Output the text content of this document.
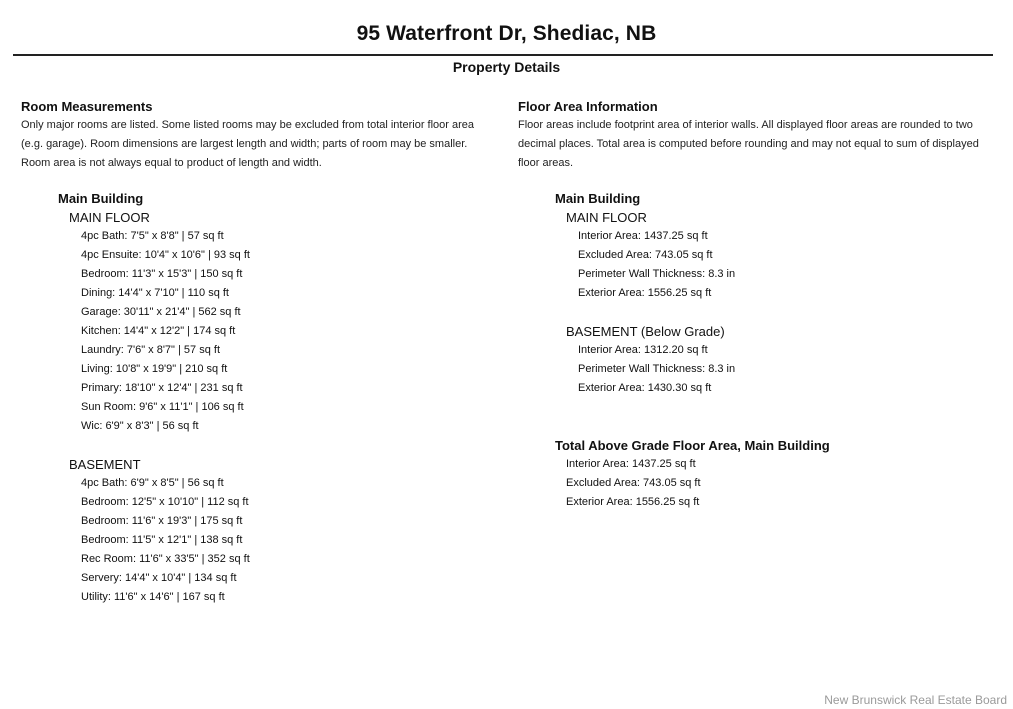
95 Waterfront Dr, Shediac, NB
Property Details
Room Measurements
Only major rooms are listed. Some listed rooms may be excluded from total interior floor area (e.g. garage). Room dimensions are largest length and width; parts of room may be smaller. Room area is not always equal to product of length and width.
Main Building
MAIN FLOOR
4pc Bath: 7'5" x 8'8" | 57 sq ft
4pc Ensuite: 10'4" x 10'6" | 93 sq ft
Bedroom: 11'3" x 15'3" | 150 sq ft
Dining: 14'4" x 7'10" | 110 sq ft
Garage: 30'11" x 21'4" | 562 sq ft
Kitchen: 14'4" x 12'2" | 174 sq ft
Laundry: 7'6" x 8'7" | 57 sq ft
Living: 10'8" x 19'9" | 210 sq ft
Primary: 18'10" x 12'4" | 231 sq ft
Sun Room: 9'6" x 11'1" | 106 sq ft
Wic: 6'9" x 8'3" | 56 sq ft
BASEMENT
4pc Bath: 6'9" x 8'5" | 56 sq ft
Bedroom: 12'5" x 10'10" | 112 sq ft
Bedroom: 11'6" x 19'3" | 175 sq ft
Bedroom: 11'5" x 12'1" | 138 sq ft
Rec Room: 11'6" x 33'5" | 352 sq ft
Servery: 14'4" x 10'4" | 134 sq ft
Utility: 11'6" x 14'6" | 167 sq ft
Floor Area Information
Floor areas include footprint area of interior walls. All displayed floor areas are rounded to two decimal places. Total area is computed before rounding and may not equal to sum of displayed floor areas.
Main Building
MAIN FLOOR
Interior Area: 1437.25 sq ft
Excluded Area: 743.05 sq ft
Perimeter Wall Thickness: 8.3 in
Exterior Area: 1556.25 sq ft
BASEMENT (Below Grade)
Interior Area: 1312.20 sq ft
Perimeter Wall Thickness: 8.3 in
Exterior Area: 1430.30 sq ft
Total Above Grade Floor Area, Main Building
Interior Area: 1437.25 sq ft
Excluded Area: 743.05 sq ft
Exterior Area: 1556.25 sq ft
New Brunswick Real Estate Board
